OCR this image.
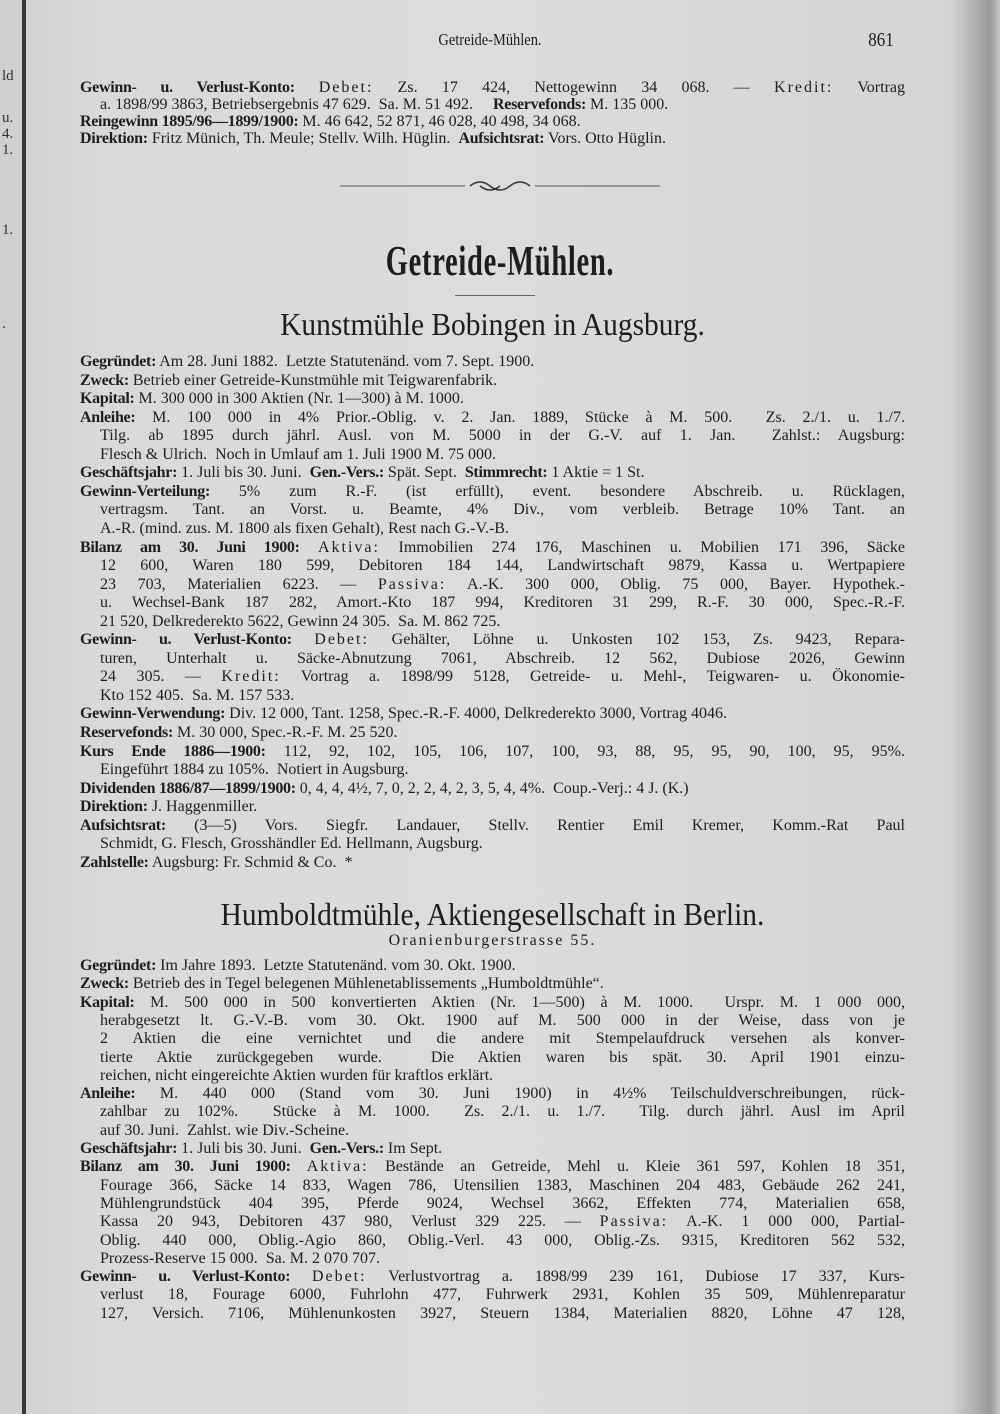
ld
u.
4.
1.
1.
.
Getreide-Mühlen.	861
Gewinn- u. Verlust-Konto: Debet: Zs. 17 424, Nettogewinn 34 068. — Kredit: Vortrag
a. 1898/99 3863, Betriebsergebnis 47 629.  Sa. M. 51 492.     Reservefonds: M. 135 000.
Reingewinn 1895/96—1899/1900: M. 46 642, 52 871, 46 028, 40 498, 34 068.
Direktion: Fritz Münich, Th. Meule; Stellv. Wilh. Hüglin.  Aufsichtsrat: Vors. Otto Hüglin.
Getreide-Mühlen.
Kunstmühle Bobingen in Augsburg.
Gegründet: Am 28. Juni 1882.  Letzte Statutenänd. vom 7. Sept. 1900.
Zweck: Betrieb einer Getreide-Kunstmühle mit Teigwarenfabrik.
Kapital: M. 300 000 in 300 Aktien (Nr. 1—300) à M. 1000.
Anleihe: M. 100 000 in 4% Prior.-Oblig. v. 2. Jan. 1889, Stücke à M. 500.  Zs. 2./1. u. 1./7.
Tilg. ab 1895 durch jährl. Ausl. von M. 5000 in der G.-V. auf 1. Jan.  Zahlst.: Augsburg:
Flesch & Ulrich.  Noch in Umlauf am 1. Juli 1900 M. 75 000.
Geschäftsjahr: 1. Juli bis 30. Juni.  Gen.-Vers.: Spät. Sept.  Stimmrecht: 1 Aktie = 1 St.
Gewinn-Verteilung: 5% zum R.-F. (ist erfüllt), event. besondere Abschreib. u. Rücklagen,
vertragsm. Tant. an Vorst. u. Beamte, 4% Div., vom verbleib. Betrage 10% Tant. an
A.-R. (mind. zus. M. 1800 als fixen Gehalt), Rest nach G.-V.-B.
Bilanz am 30. Juni 1900: Aktiva: Immobilien 274 176, Maschinen u. Mobilien 171 396, Säcke
12 600, Waren 180 599, Debitoren 184 144, Landwirtschaft 9879, Kassa u. Wertpapiere
23 703, Materialien 6223. — Passiva: A.-K. 300 000, Oblig. 75 000, Bayer. Hypothek.-
u. Wechsel-Bank 187 282, Amort.-Kto 187 994, Kreditoren 31 299, R.-F. 30 000, Spec.-R.-F.
21 520, Delkrederekto 5622, Gewinn 24 305.  Sa. M. 862 725.
Gewinn- u. Verlust-Konto: Debet: Gehälter, Löhne u. Unkosten 102 153, Zs. 9423, Repara-
turen, Unterhalt u. Säcke-Abnutzung 7061, Abschreib. 12 562, Dubiose 2026, Gewinn
24 305. — Kredit: Vortrag a. 1898/99 5128, Getreide- u. Mehl-, Teigwaren- u. Ökonomie-
Kto 152 405.  Sa. M. 157 533.
Gewinn-Verwendung: Div. 12 000, Tant. 1258, Spec.-R.-F. 4000, Delkrederekto 3000, Vortrag 4046.
Reservefonds: M. 30 000, Spec.-R.-F. M. 25 520.
Kurs Ende 1886—1900: 112, 92, 102, 105, 106, 107, 100, 93, 88, 95, 95, 90, 100, 95, 95%.
Eingeführt 1884 zu 105%.  Notiert in Augsburg.
Dividenden 1886/87—1899/1900: 0, 4, 4, 4½, 7, 0, 2, 2, 4, 2, 3, 5, 4, 4%.  Coup.-Verj.: 4 J. (K.)
Direktion: J. Haggenmiller.
Aufsichtsrat: (3—5) Vors. Siegfr. Landauer, Stellv. Rentier Emil Kremer, Komm.-Rat Paul
Schmidt, G. Flesch, Grosshändler Ed. Hellmann, Augsburg.
Zahlstelle: Augsburg: Fr. Schmid & Co.  *
Humboldtmühle, Aktiengesellschaft in Berlin.
Oranienburgerstrasse 55.
Gegründet: Im Jahre 1893.  Letzte Statutenänd. vom 30. Okt. 1900.
Zweck: Betrieb des in Tegel belegenen Mühlenetablissements „Humboldtmühle“.
Kapital: M. 500 000 in 500 konvertierten Aktien (Nr. 1—500) à M. 1000.  Urspr. M. 1 000 000,
herabgesetzt lt. G.-V.-B. vom 30. Okt. 1900 auf M. 500 000 in der Weise, dass von je
2 Aktien die eine vernichtet und die andere mit Stempelaufdruck versehen als konver-
tierte Aktie zurückgegeben wurde.  Die Aktien waren bis spät. 30. April 1901 einzu-
reichen, nicht eingereichte Aktien wurden für kraftlos erklärt.
Anleihe: M. 440 000 (Stand vom 30. Juni 1900) in 4½% Teilschuldverschreibungen, rück-
zahlbar zu 102%.  Stücke à M. 1000.  Zs. 2./1. u. 1./7.  Tilg. durch jährl. Ausl im April
auf 30. Juni.  Zahlst. wie Div.-Scheine.
Geschäftsjahr: 1. Juli bis 30. Juni.  Gen.-Vers.: Im Sept.
Bilanz am 30. Juni 1900: Aktiva: Bestände an Getreide, Mehl u. Kleie 361 597, Kohlen 18 351,
Fourage 366, Säcke 14 833, Wagen 786, Utensilien 1383, Maschinen 204 483, Gebäude 262 241,
Mühlengrundstück 404 395, Pferde 9024, Wechsel 3662, Effekten 774, Materialien 658,
Kassa 20 943, Debitoren 437 980, Verlust 329 225. — Passiva: A.-K. 1 000 000, Partial-
Oblig. 440 000, Oblig.-Agio 860, Oblig.-Verl. 43 000, Oblig.-Zs. 9315, Kreditoren 562 532,
Prozess-Reserve 15 000.  Sa. M. 2 070 707.
Gewinn- u. Verlust-Konto: Debet: Verlustvortrag a. 1898/99 239 161, Dubiose 17 337, Kurs-
verlust 18, Fourage 6000, Fuhrlohn 477, Fuhrwerk 2931, Kohlen 35 509, Mühlenreparatur
127, Versich. 7106, Mühlenunkosten 3927, Steuern 1384, Materialien 8820, Löhne 47 128,
